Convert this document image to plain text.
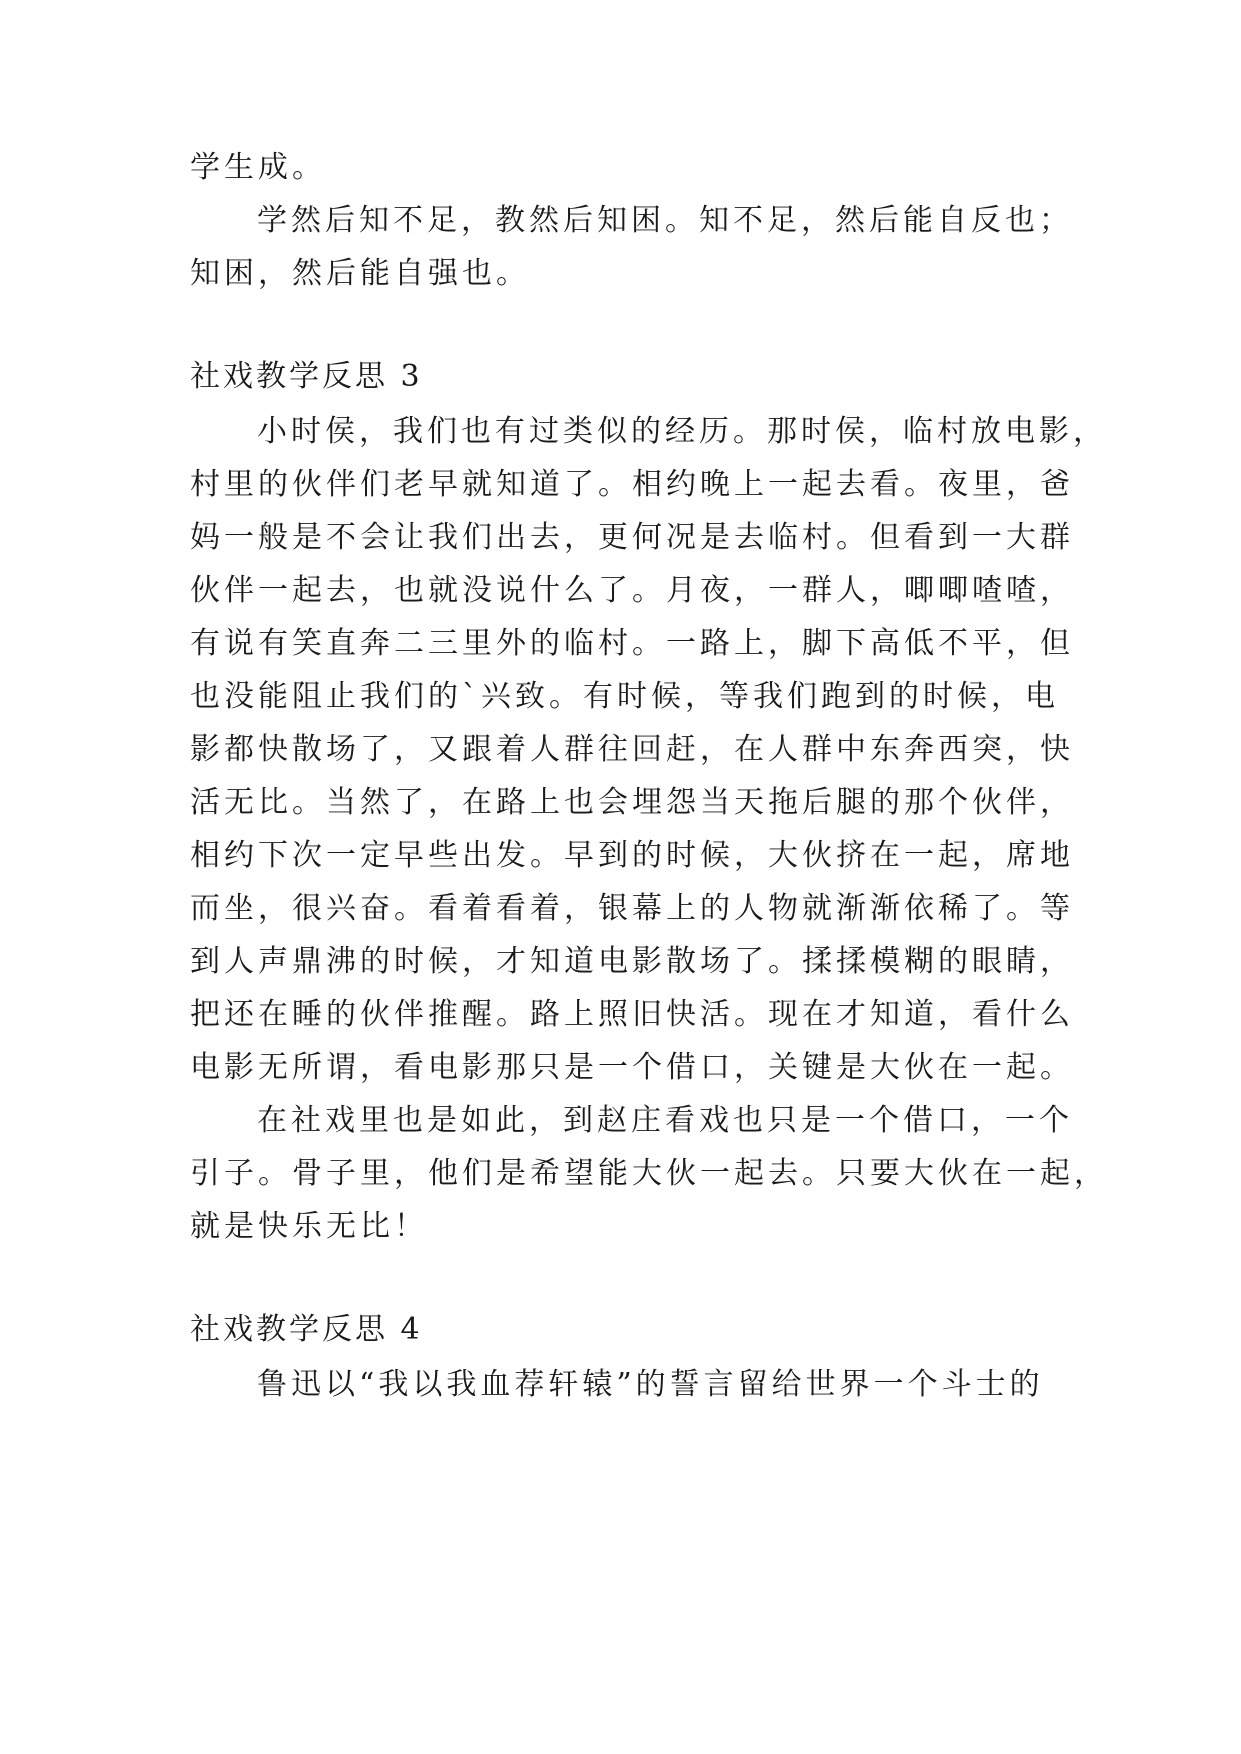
学生成。
学然后知不足，教然后知困。知不足，然后能自反也；
知困，然后能自强也。
社戏教学反思 3
小时侯，我们也有过类似的经历。那时侯，临村放电影，
村里的伙伴们老早就知道了。相约晚上一起去看。夜里，爸
妈一般是不会让我们出去，更何况是去临村。但看到一大群
伙伴一起去，也就没说什么了。月夜，一群人，唧唧喳喳，
有说有笑直奔二三里外的临村。一路上，脚下高低不平，但
也没能阻止我们的`兴致。有时候，等我们跑到的时候，电
影都快散场了，又跟着人群往回赶，在人群中东奔西突，快
活无比。当然了，在路上也会埋怨当天拖后腿的那个伙伴，
相约下次一定早些出发。早到的时候，大伙挤在一起，席地
而坐，很兴奋。看着看着，银幕上的人物就渐渐依稀了。等
到人声鼎沸的时候，才知道电影散场了。揉揉模糊的眼睛，
把还在睡的伙伴推醒。路上照旧快活。现在才知道，看什么
电影无所谓，看电影那只是一个借口，关键是大伙在一起。
在社戏里也是如此，到赵庄看戏也只是一个借口，一个
引子。骨子里，他们是希望能大伙一起去。只要大伙在一起，
就是快乐无比！
社戏教学反思 4
鲁迅以“我以我血荐轩辕”的誓言留给世界一个斗士的
